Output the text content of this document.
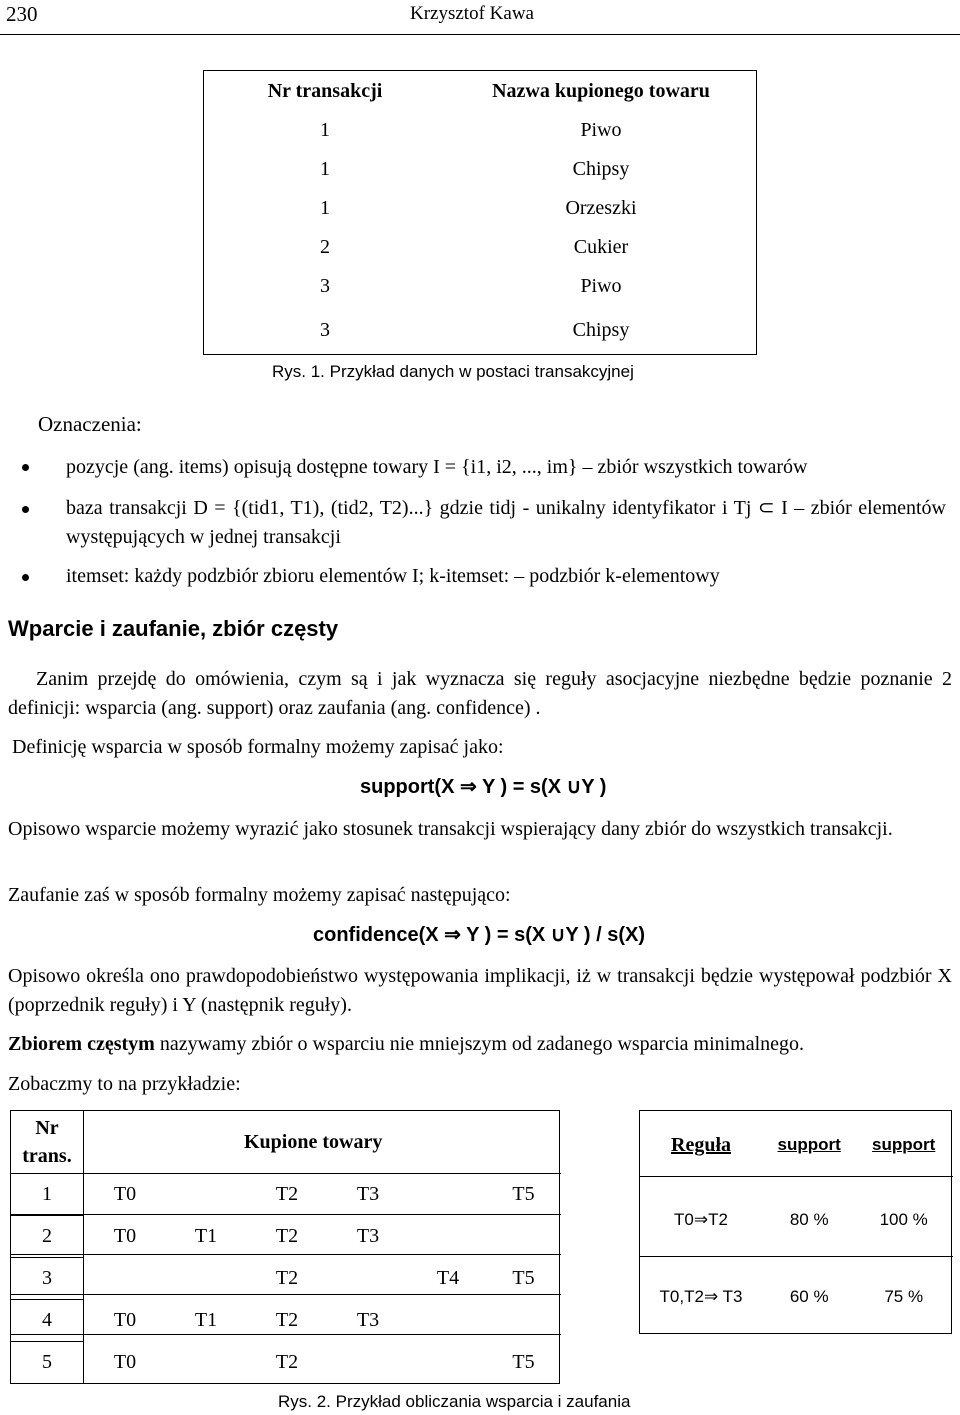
230	Krzysztof Kawa
Nr transakcji	Nazwa kupionego towaru
1	Piwo
1	Chipsy
1	Orzeszki
2	Cukier
3	Piwo
3	Chipsy
Rys. 1. Przykład danych w postaci transakcyjnej
Oznaczenia:
pozycje (ang. items) opisują dostępne towary I = {i1, i2, ..., im} – zbiór wszystkich towarów
baza transakcji D = {(tid1, T1), (tid2, T2)...} gdzie tidj - unikalny identyfikator i Tj ⊂ I – zbiór elementów występujących w jednej transakcji
itemset: każdy podzbiór zbioru elementów I; k-itemset: – podzbiór k-elementowy
Wparcie i zaufanie, zbiór częsty
Zanim przejdę do omówienia, czym są i jak wyznacza się reguły asocjacyjne niezbędne będzie poznanie 2 definicji: wsparcia (ang. support) oraz zaufania (ang. confidence) .
Definicję wsparcia w sposób formalny możemy zapisać jako:
support(X ⇒ Y ) = s(X ∪Y )
Opisowo wsparcie możemy wyrazić jako stosunek transakcji wspierający dany zbiór do wszystkich transakcji.
Zaufanie zaś w sposób formalny możemy zapisać następująco:
confidence(X ⇒ Y ) = s(X ∪Y ) / s(X)
Opisowo określa ono prawdopodobieństwo występowania implikacji, iż w transakcji będzie występował podzbiór X (poprzednik reguły) i Y (następnik reguły).
Zbiorem częstym nazywamy zbiór o wsparciu nie mniejszym od zadanego wsparcia minimalnego.
Zobaczmy to na przykładzie:
Nr trans.	Kupione towary					
1	T0		T2	T3		T5
2	T0	T1	T2	T3		
3			T2		T4	T5
4	T0	T1	T2	T3		
5	T0		T2			T5
Reguła	support	support
T0⇒T2	80 %	100 %
T0,T2⇒ T3	60 %	75 %
Rys. 2. Przykład obliczania wsparcia i zaufania
